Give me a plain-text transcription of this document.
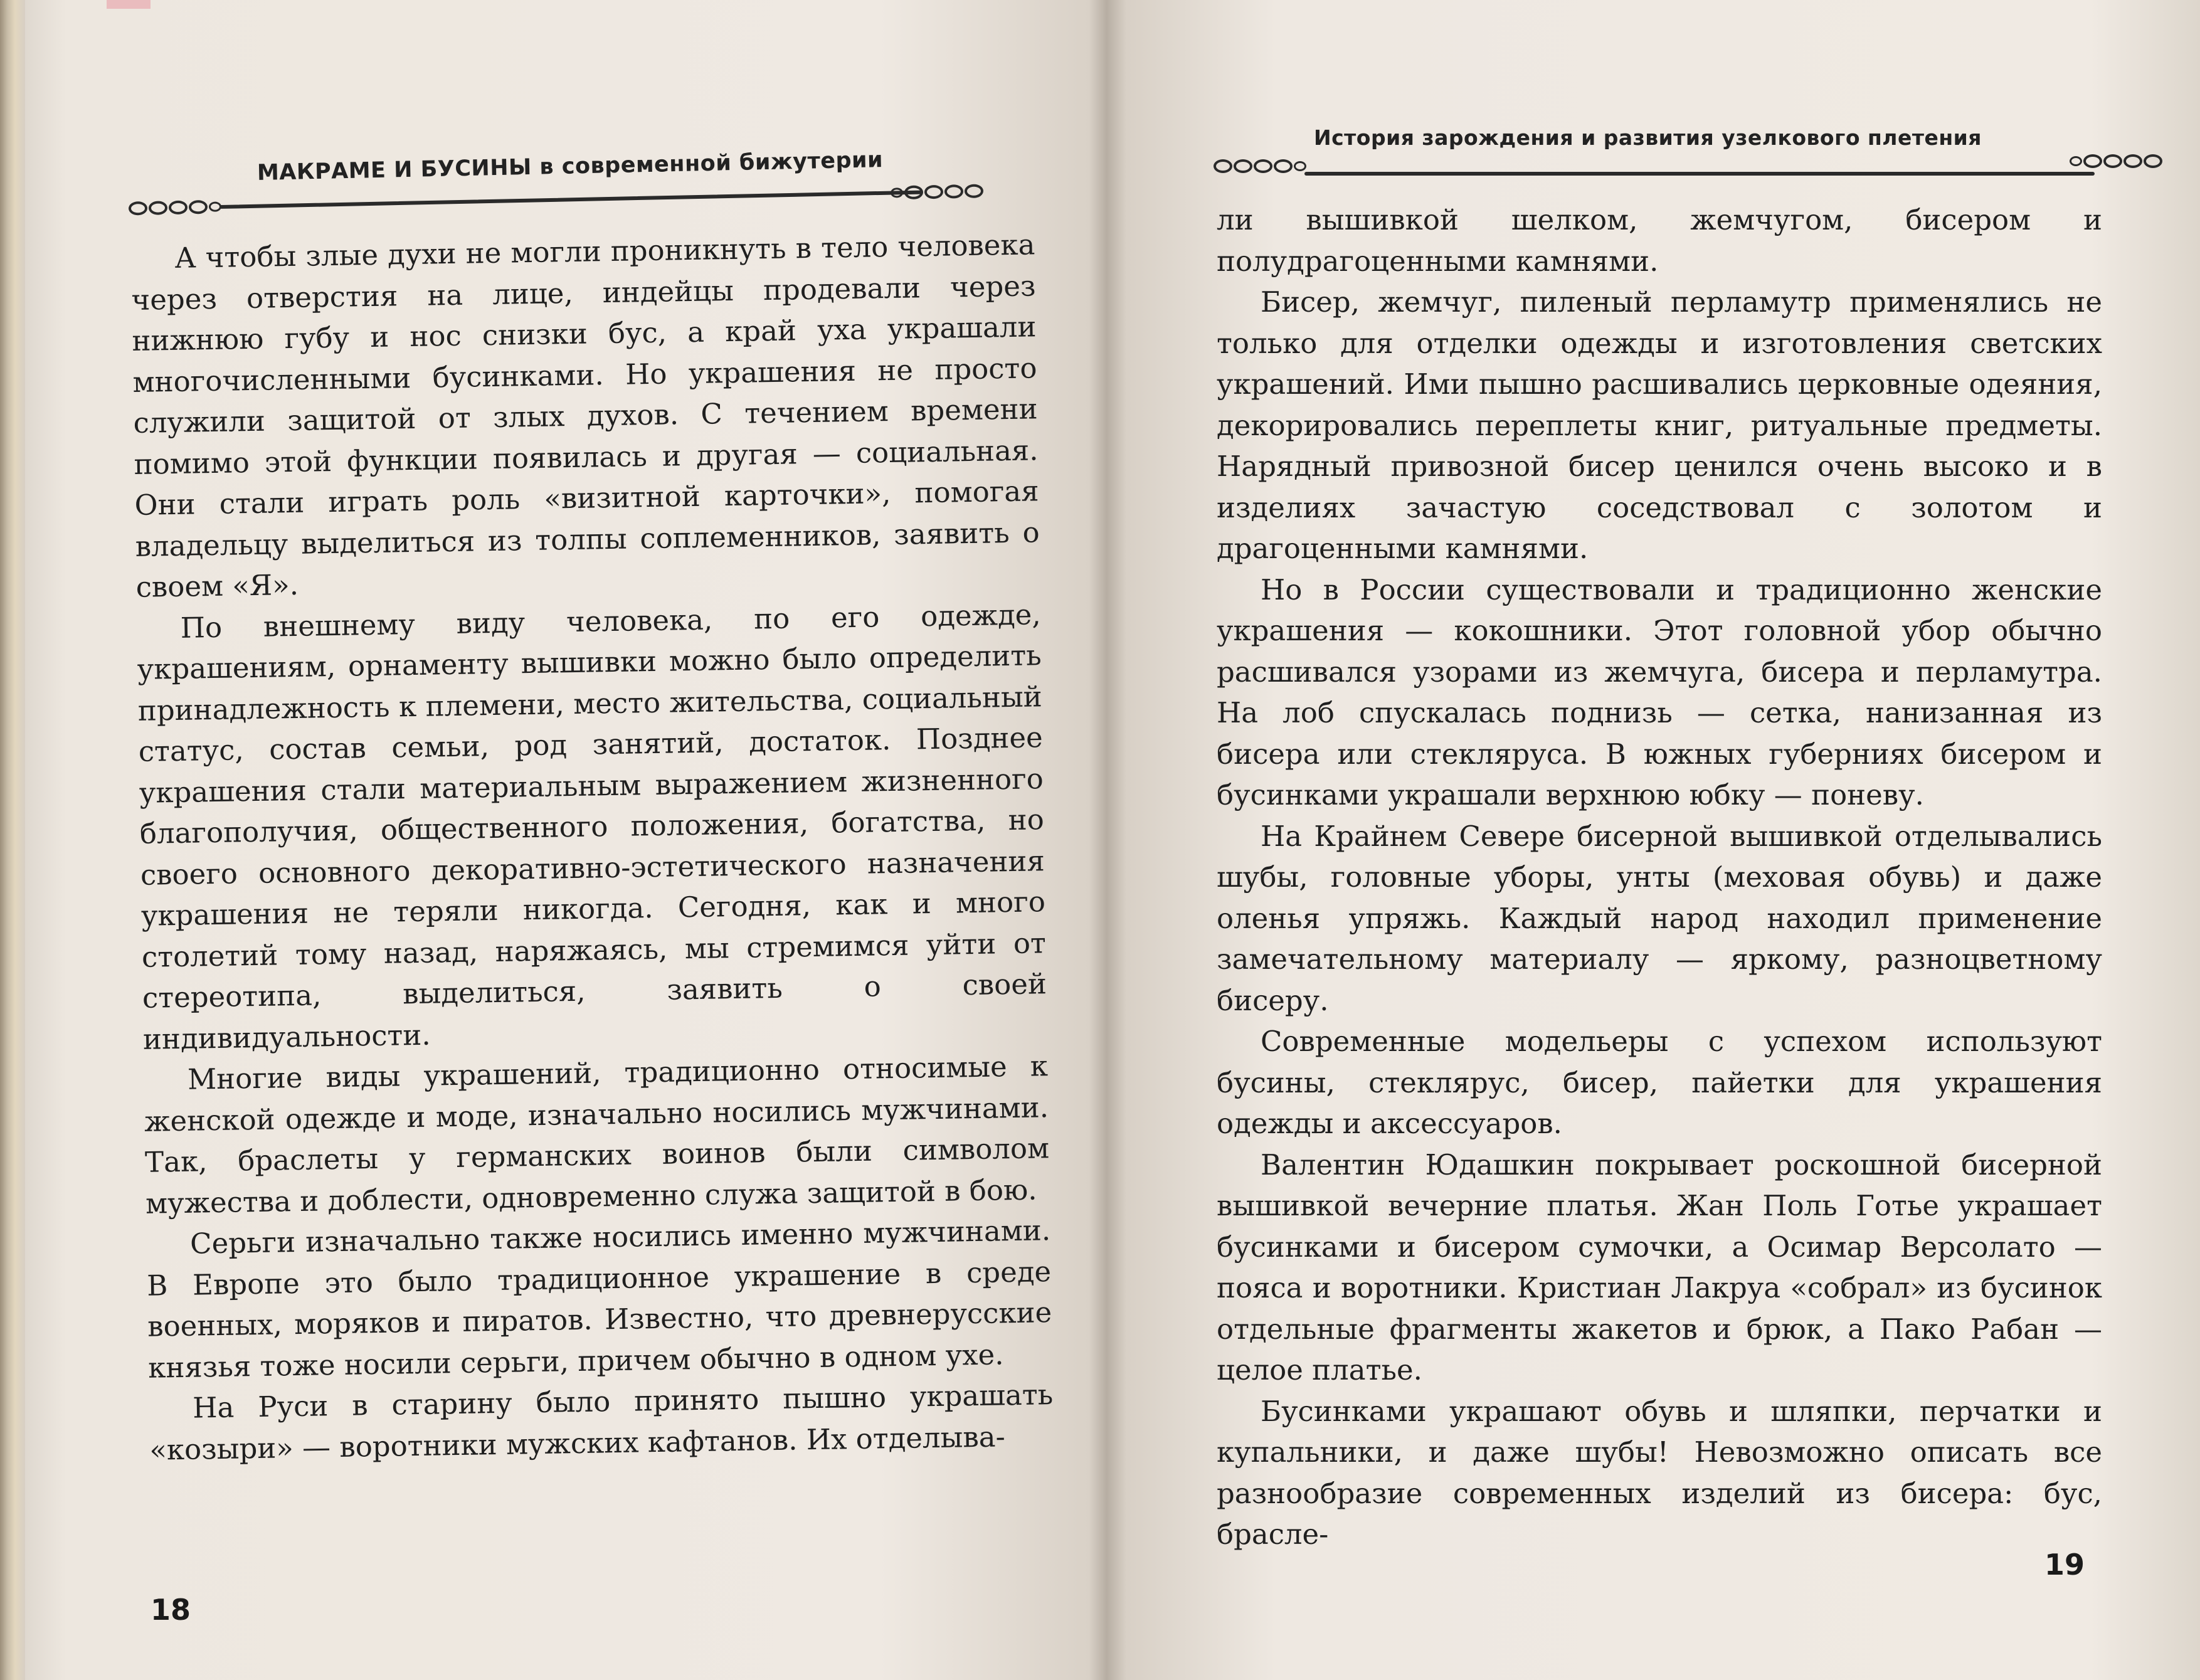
МАКРАМЕ И БУСИНЫ в современной бижутерии

А чтобы злые духи не могли проникнуть в тело человека через отверстия на лице, индейцы продевали через нижнюю губу и нос снизки бус, а край уха украшали многочисленными бусинками. Но украшения не просто служили защитой от злых духов. С течением времени помимо этой функции появилась и другая — социальная. Они стали играть роль «визитной карточки», помогая владельцу выделиться из толпы соплеменников, заявить о своем «Я».

По внешнему виду человека, по его одежде, украшениям, орнаменту вышивки можно было определить принадлежность к племени, место жительства, социальный статус, состав семьи, род занятий, достаток. Позднее украшения стали материальным выражением жизненного благополучия, общественного положения, богатства, но своего основного декоративно-эстетического назначения украшения не теряли никогда. Сегодня, как и много столетий тому назад, наряжаясь, мы стремимся уйти от стереотипа, выделиться, заявить о своей индивидуальности.

Многие виды украшений, традиционно относимые к женской одежде и моде, изначально носились мужчинами. Так, браслеты у германских воинов были символом мужества и доблести, одновременно служа защитой в бою.

Серьги изначально также носились именно мужчинами. В Европе это было традиционное украшение в среде военных, моряков и пиратов. Известно, что древнерусские князья тоже носили серьги, причем обычно в одном ухе.

На Руси в старину было принято пышно украшать «козыри» — воротники мужских кафтанов. Их отделыва-

18
История зарождения и развития узелкового плетения

ли вышивкой шелком, жемчугом, бисером и полудрагоценными камнями.

Бисер, жемчуг, пиленый перламутр применялись не только для отделки одежды и изготовления светских украшений. Ими пышно расшивались церковные одеяния, декорировались переплеты книг, ритуальные предметы. Нарядный привозной бисер ценился очень высоко и в изделиях зачастую соседствовал с золотом и драгоценными камнями.

Но в России существовали и традиционно женские украшения — кокошники. Этот головной убор обычно расшивался узорами из жемчуга, бисера и перламутра. На лоб спускалась поднизь — сетка, нанизанная из бисера или стекляруса. В южных губерниях бисером и бусинками украшали верхнюю юбку — поневу.

На Крайнем Севере бисерной вышивкой отделывались шубы, головные уборы, унты (меховая обувь) и даже оленья упряжь. Каждый народ находил применение замечательному материалу — яркому, разноцветному бисеру.

Современные модельеры с успехом используют бусины, стеклярус, бисер, пайетки для украшения одежды и аксессуаров.

Валентин Юдашкин покрывает роскошной бисерной вышивкой вечерние платья. Жан Поль Готье украшает бусинками и бисером сумочки, а Осимар Версолато — пояса и воротники. Кристиан Лакруа «собрал» из бусинок отдельные фрагменты жакетов и брюк, а Пако Рабан — целое платье.

Бусинками украшают обувь и шляпки, перчатки и купальники, и даже шубы! Невозможно описать все разнообразие современных изделий из бисера: бус, брасле-

19
